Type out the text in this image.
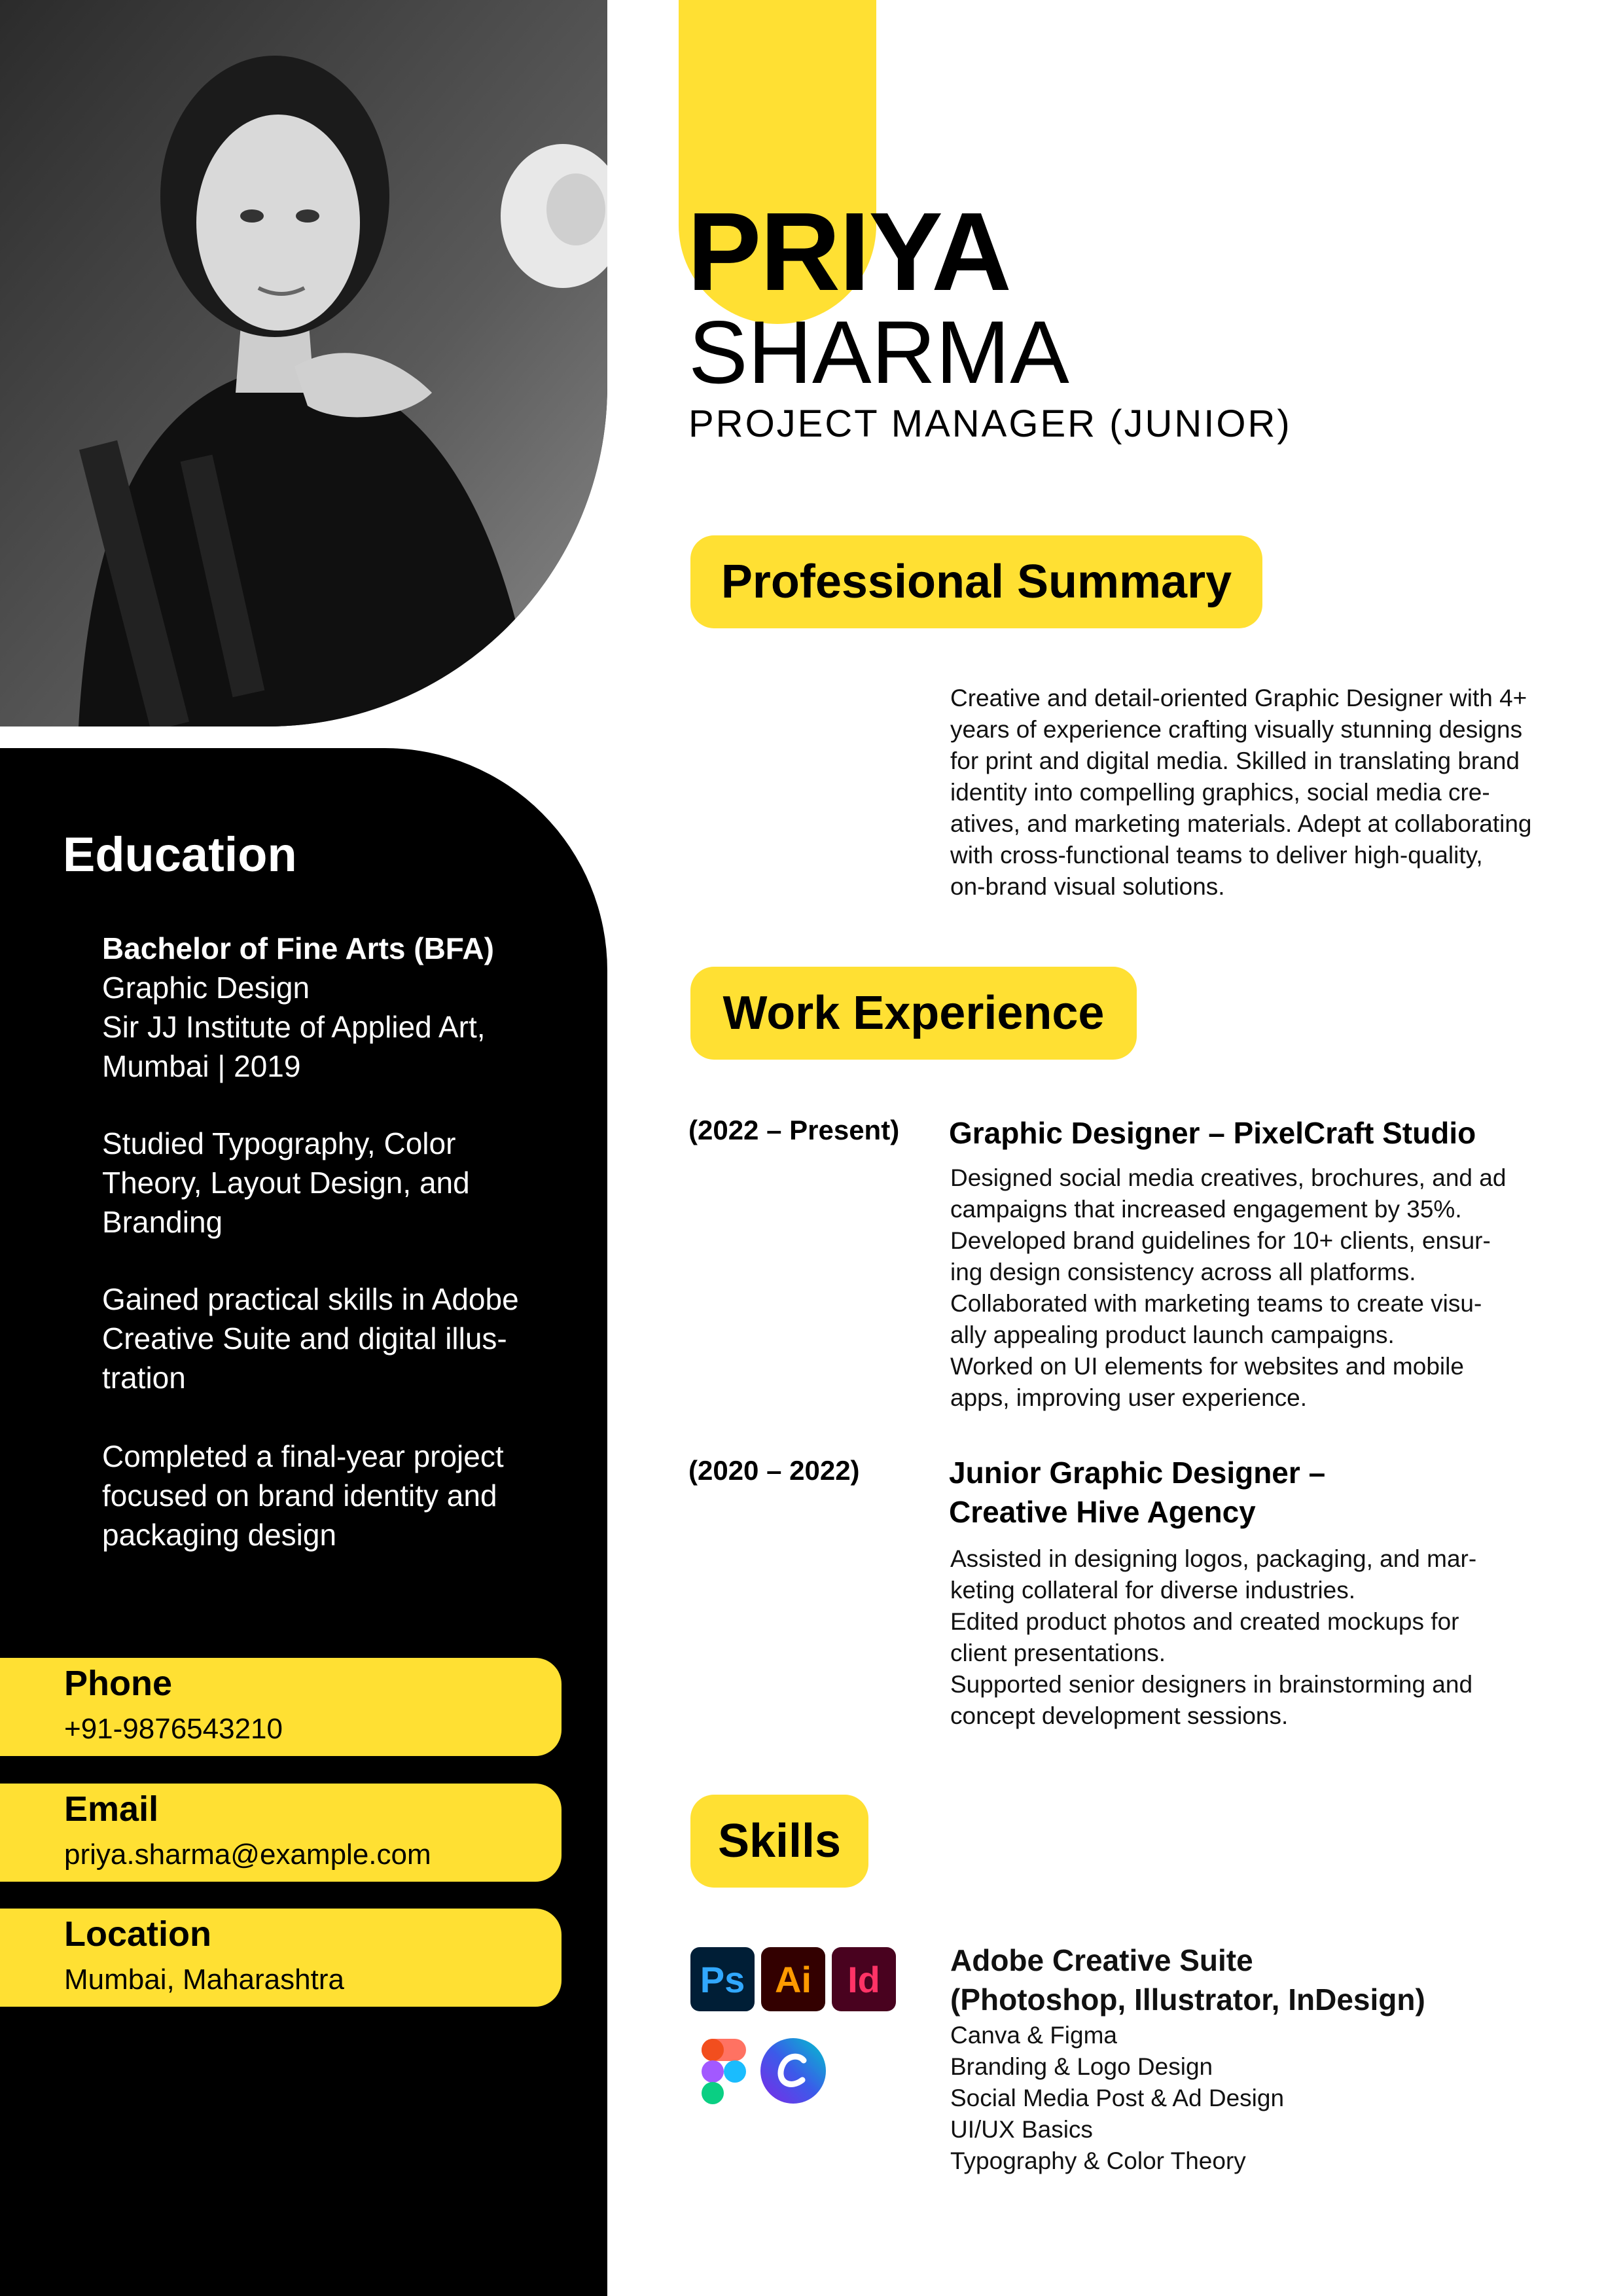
Education
Bachelor of Fine Arts (BFA)
Graphic Design
Sir JJ Institute of Applied Art,
Mumbai | 2019
Studied Typography, Color
Theory, Layout Design, and
Branding
Gained practical skills in Adobe
Creative Suite and digital illus-
tration
Completed a final-year project
focused on brand identity and
packaging design
Phone
+91-9876543210
Email
priya.sharma@example.com
Location
Mumbai, Maharashtra
PRIYA
SHARMA
PROJECT MANAGER (JUNIOR)
Professional Summary
Creative and detail-oriented Graphic Designer with 4+
years of experience crafting visually stunning designs
for print and digital media. Skilled in translating brand
identity into compelling graphics, social media cre-
atives, and marketing materials. Adept at collaborating
with cross-functional teams to deliver high-quality,
on-brand visual solutions.
Work Experience
(2022 – Present) Graphic Designer – PixelCraft Studio
Designed social media creatives, brochures, and ad
campaigns that increased engagement by 35%.
Developed brand guidelines for 10+ clients, ensur-
ing design consistency across all platforms.
Collaborated with marketing teams to create visu-
ally appealing product launch campaigns.
Worked on UI elements for websites and mobile
apps, improving user experience.
(2020 – 2022)	Junior Graphic Designer –
Creative Hive Agency
Assisted in designing logos, packaging, and mar-
keting collateral for diverse industries.
Edited product photos and created mockups for
client presentations.
Supported senior designers in brainstorming and
concept development sessions.
Skills
Ps Ai Id	Adobe Creative Suite
(Photoshop, Illustrator, InDesign)
Canva & Figma
Branding & Logo Design
Social Media Post & Ad Design
UI/UX Basics
Typography & Color Theory
